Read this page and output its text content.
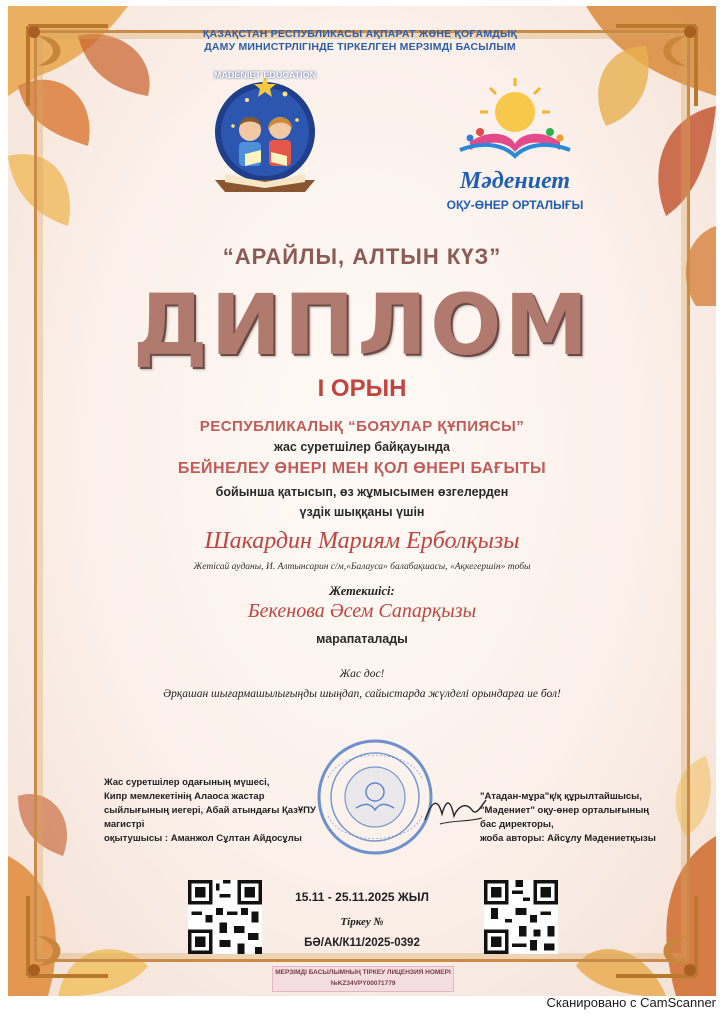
ҚАЗАҚСТАН РЕСПУБЛИКАСЫ АҚПАРАТ ЖӘНЕ ҚОҒАМДЫҚ
ДАМУ МИНИСТРЛІГІНДЕ ТІРКЕЛГЕН МЕРЗІМДІ БАСЫЛЫМ
MADENIET EDUCATION
Мәдениет
ОҚУ-ӨНЕР ОРТАЛЫҒЫ
“АРАЙЛЫ, АЛТЫН КҮЗ”
ДИПЛОМ
І ОРЫН
РЕСПУБЛИКАЛЫҚ “БОЯУЛАР ҚҰПИЯСЫ”
жас суретшілер байқауында
БЕЙНЕЛЕУ ӨНЕРІ МЕН ҚОЛ ӨНЕРІ БАҒЫТЫ
бойынша қатысып, өз жұмысымен өзгелерден
үздік шыққаны үшін
Шакардин Мариям Ерболқызы
Жетісай ауданы, И. Алтынсарин с/м,«Балауса» балабақшасы, «Ақкегершін» тобы
Жетекшісі:
Бекенова Әсем Сапарқызы
марапаталады
Жас дос!
Әрқашан шығармашылығыңды шыңдап, сайыстарда жүлделі орындарға ие бол!
Жас суретшілер одағының мүшесі,
Кипр мемлекетінің Алаоса жастар
сыйлығының иегері, Абай атындағы ҚазҰПУ магистрі
оқытушысы : Аманжол Сұлтан Айдосұлы
"Атадан-мұра"қ/қ құрылтайшысы,
"Мәдениет" оқу-өнер орталығының бас директоры,
жоба авторы: Айсұлу Мәдениетқызы
15.11 - 25.11.2025 ЖЫЛ
Тіркеу №
БӘ/АК/К11/2025-0392
МЕРЗІМДІ БАСЫЛЫМНЫҢ ТІРКЕУ ЛИЦЕНЗИЯ НОМЕРІ
№KZ34VPY00071779
Сканировано с CamScanner
